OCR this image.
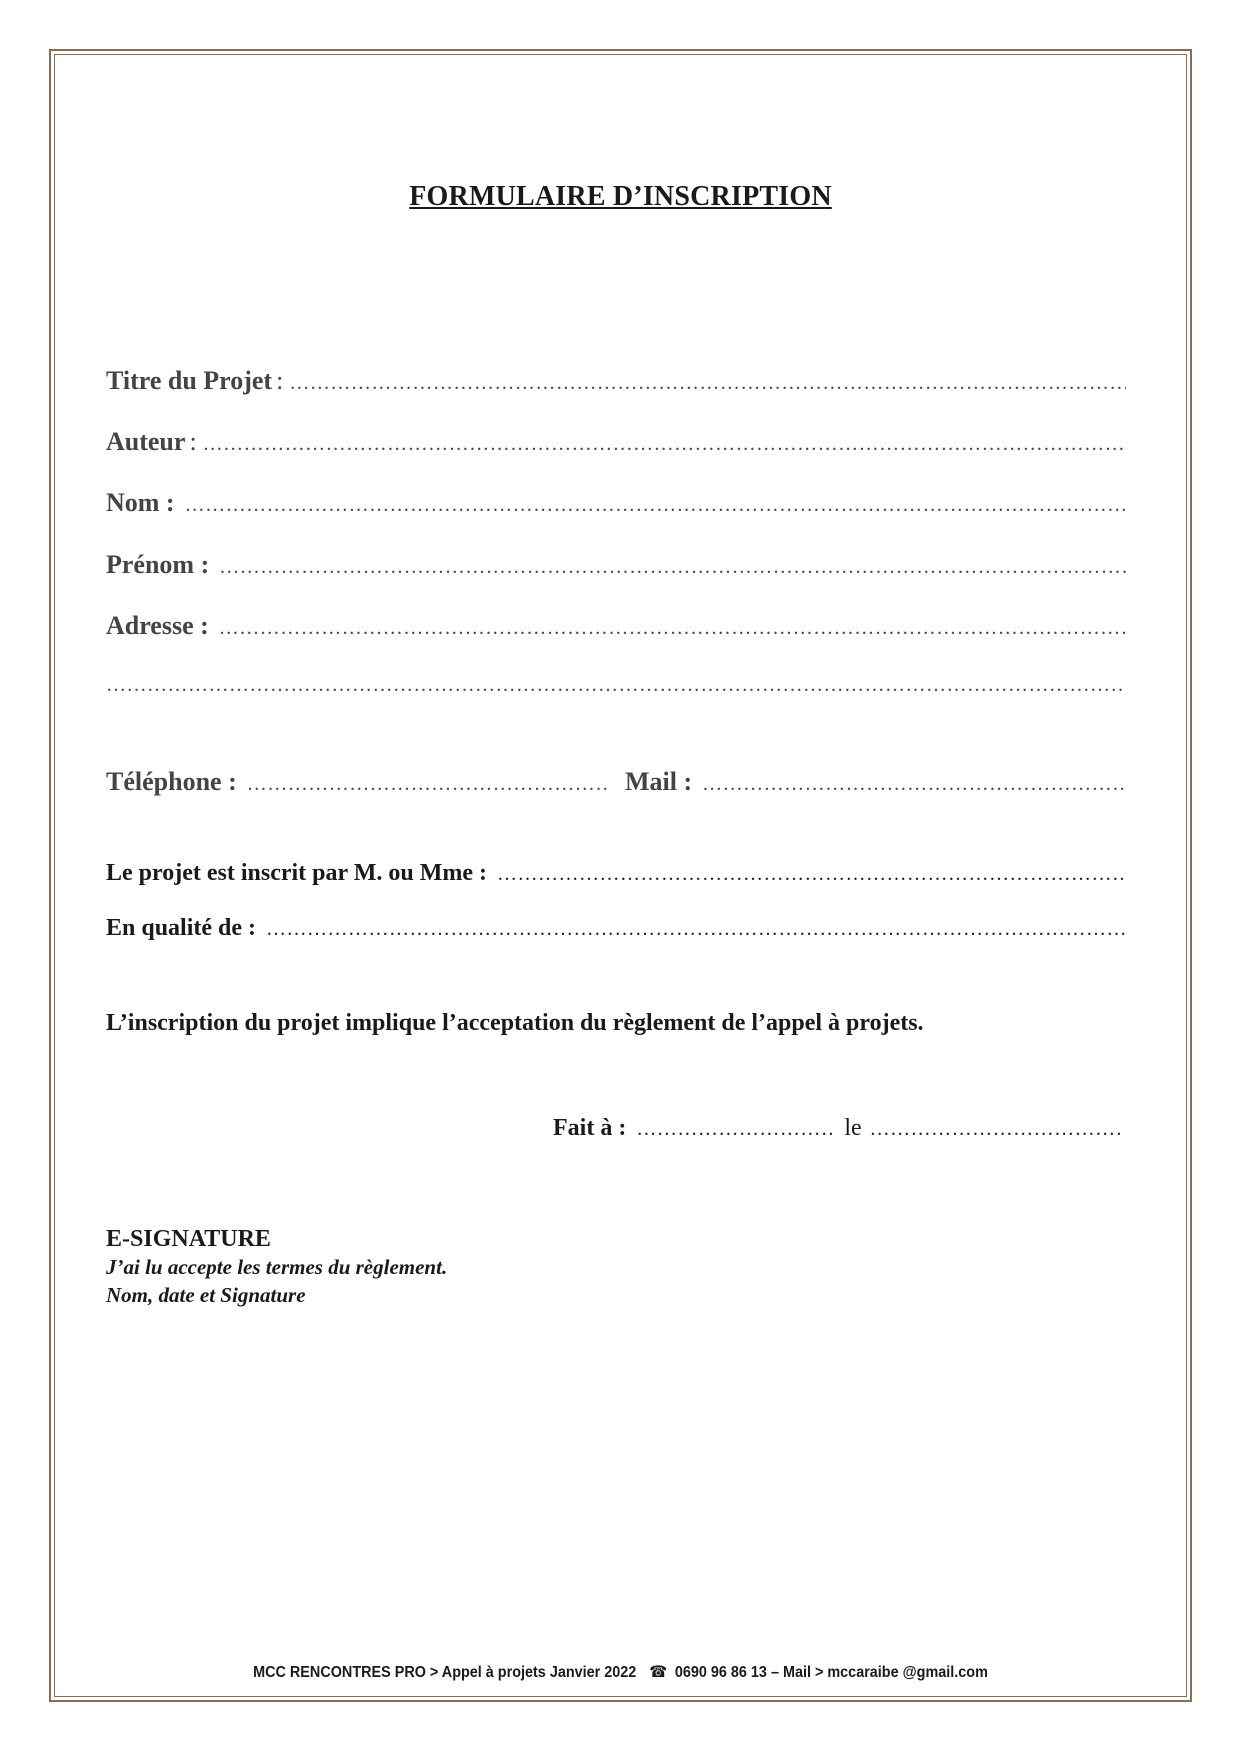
FORMULAIRE D’INSCRIPTION
Titre du Projet :
……………………………………………………………………………………………………………………………………………………………………………………………………………………………………………………………………
Auteur :
……………………………………………………………………………………………………………………………………………………………………………………………………………………………………………………………………
Nom :
……………………………………………………………………………………………………………………………………………………………………………………………………………………………………………………………………
Prénom :
……………………………………………………………………………………………………………………………………………………………………………………………………………………………………………………………………
Adresse :
……………………………………………………………………………………………………………………………………………………………………………………………………………………………………………………………………
……………………………………………………………………………………………………………………………………………………………………………………………………………………………………………………………………
Téléphone : ……………………………………………………………………………………………………………………………………………………………………………………………………………………………………………………………………	Mail :
……………………………………………………………………………………………………………………………………………………………………………………………………………………………………………………………………
Le projet est inscrit par M. ou Mme :
……………………………………………………………………………………………………………………………………………………………………………………………………………………………………………………………………
En qualité de :
……………………………………………………………………………………………………………………………………………………………………………………………………………………………………………………………………
L’inscription du projet implique l’acceptation du règlement de l’appel à projets.
Fait à : ……………………………………………………………………………………………………………………………………………………………………………………………………………………………………………………………………	le
……………………………………………………………………………………………………………………………………………………………………………………………………………………………………………………………………
E-SIGNATURE
J’ai lu accepte les termes du règlement.
Nom, date et Signature
MCC RENCONTRES PRO > Appel à projets Janvier 2022 ☎ 0690 96 86 13 – Mail > mccaraibe @gmail.com
